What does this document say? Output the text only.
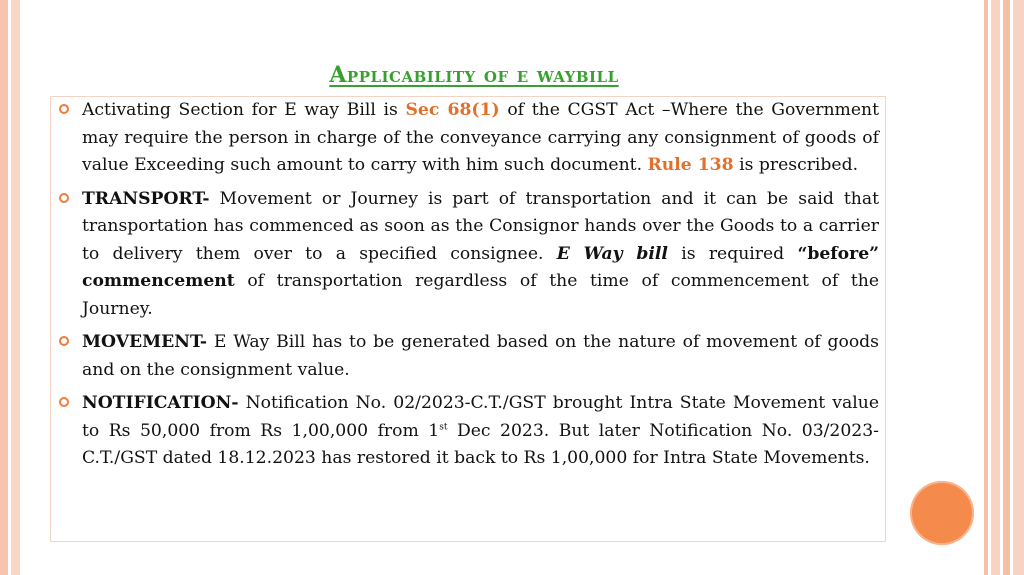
Applicability of e waybill
Activating Section for E way Bill is Sec 68(1) of the CGST Act –Where the Government may require the person in charge of the conveyance carrying any consignment of goods of value Exceeding such amount to carry with him such document. Rule 138 is prescribed.
TRANSPORT- Movement or Journey is part of transportation and it can be said that transportation has commenced as soon as the Consignor hands over the Goods to a carrier to delivery them over to a specified consignee. E Way bill is required “before” commencement of transportation regardless of the time of commencement of the Journey.
MOVEMENT- E Way Bill has to be generated based on the nature of movement of goods and on the consignment value.
NOTIFICATION- Notification No. 02/2023-C.T./GST brought Intra State Movement value to Rs 50,000 from Rs 1,00,000 from 1st Dec 2023. But later Notification No. 03/2023-C.T./GST dated 18.12.2023 has restored it back to Rs 1,00,000 for Intra State Movements.
